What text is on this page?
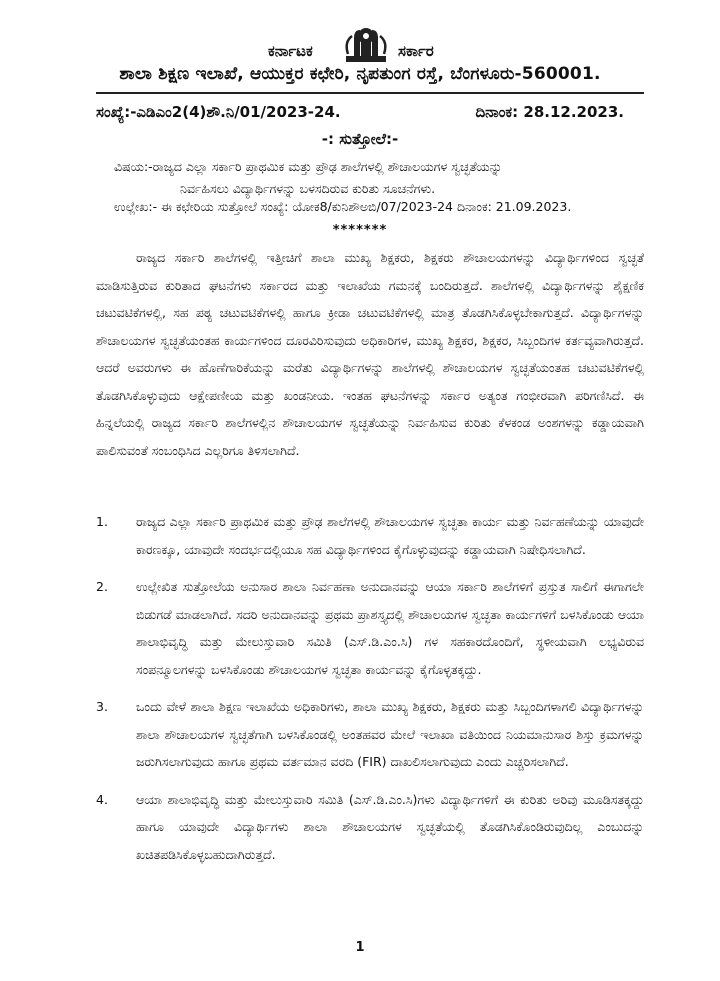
ಕರ್ನಾಟಕ	ಸರ್ಕಾರ
ಶಾಲಾ ಶಿಕ್ಷಣ ಇಲಾಖೆ, ಆಯುಕ್ತರ ಕಛೇರಿ, ನೃಪತುಂಗ ರಸ್ತೆ, ಬೆಂಗಳೂರು-560001.
ಸಂಖ್ಯೆ:-ಎಡಿಎಂ2(4)ಶೌ.ನಿ/01/2023-24.	ದಿನಾಂಕ: 28.12.2023.
-: ಸುತ್ತೋಲೆ:-
ವಿಷಯ:-ರಾಜ್ಯದ ಎಲ್ಲಾ ಸರ್ಕಾರಿ ಪ್ರಾಥಮಿಕ ಮತ್ತು ಪ್ರೌಢ ಶಾಲೆಗಳಲ್ಲಿ ಶೌಚಾಲಯಗಳ ಸ್ವಚ್ಛತೆಯನ್ನು
ನಿರ್ವಹಿಸಲು ವಿದ್ಯಾರ್ಥಿಗಳನ್ನು ಬಳಸದಿರುವ ಕುರಿತು ಸೂಚನೆಗಳು.
ಉಲ್ಲೇಖ:- ಈ ಕಛೇರಿಯ ಸುತ್ತೋಲೆ ಸಂಖ್ಯೆ: ಯೋಕ8/ಕುನಿಶೌಅಬಿ/07/2023-24 ದಿನಾಂಕ: 21.09.2023.
*******
ರಾಜ್ಯದ ಸರ್ಕಾರಿ ಶಾಲೆಗಳಲ್ಲಿ ಇತ್ತೀಚಿಗೆ ಶಾಲಾ ಮುಖ್ಯ ಶಿಕ್ಷಕರು, ಶಿಕ್ಷಕರು ಶೌಚಾಲಯಗಳನ್ನು ವಿದ್ಯಾರ್ಥಿಗಳಿಂದ ಸ್ವಚ್ಛತೆ ಮಾಡಿಸುತ್ತಿರುವ ಕುರಿತಾದ ಘಟನೆಗಳು ಸರ್ಕಾರದ ಮತ್ತು ಇಲಾಖೆಯ ಗಮನಕ್ಕೆ ಬಂದಿರುತ್ತದೆ. ಶಾಲೆಗಳಲ್ಲಿ ವಿದ್ಯಾರ್ಥಿಗಳನ್ನು ಶೈಕ್ಷಣಿಕ ಚಟುವಟಿಕೆಗಳಲ್ಲಿ, ಸಹ ಪಠ್ಯ ಚಟುವಟಿಕೆಗಳಲ್ಲಿ ಹಾಗೂ ಕ್ರೀಡಾ ಚಟುವಟಿಕೆಗಳಲ್ಲಿ ಮಾತ್ರ ತೊಡಗಿಸಿಕೊಳ್ಳಬೇಕಾಗುತ್ತದೆ. ವಿದ್ಯಾರ್ಥಿಗಳನ್ನು ಶೌಚಾಲಯಗಳ ಸ್ವಚ್ಛತೆಯಂತಹ ಕಾರ್ಯಗಳಿಂದ ದೂರವಿರಿಸುವುದು ಅಧಿಕಾರಿಗಳ, ಮುಖ್ಯ ಶಿಕ್ಷಕರ, ಶಿಕ್ಷಕರ, ಸಿಬ್ಬಂದಿಗಳ ಕರ್ತವ್ಯವಾಗಿರುತ್ತದೆ. ಆದರೆ ಅವರುಗಳು ಈ ಹೊಣೆಗಾರಿಕೆಯನ್ನು ಮರೆತು ವಿದ್ಯಾರ್ಥಿಗಳನ್ನು ಶಾಲೆಗಳಲ್ಲಿ ಶೌಚಾಲಯಗಳ ಸ್ವಚ್ಛತೆಯಂತಹ ಚಟುವಟಿಕೆಗಳಲ್ಲಿ ತೊಡಗಿಸಿಕೊಳ್ಳುವುದು ಆಕ್ಷೇಪಣೀಯ ಮತ್ತು ಖಂಡನೀಯ. ಇಂತಹ ಘಟನೆಗಳನ್ನು ಸರ್ಕಾರ ಅತ್ಯಂತ ಗಂಭೀರವಾಗಿ ಪರಿಗಣಿಸಿದೆ. ಈ ಹಿನ್ನಲೆಯಲ್ಲಿ ರಾಜ್ಯದ ಸರ್ಕಾರಿ ಶಾಲೆಗಳಲ್ಲಿನ ಶೌಚಾಲಯಗಳ ಸ್ವಚ್ಛತೆಯನ್ನು ನಿರ್ವಹಿಸುವ ಕುರಿತು ಕೆಳಕಂಡ ಅಂಶಗಳನ್ನು ಕಡ್ಡಾಯವಾಗಿ ಪಾಲಿಸುವಂತೆ ಸಂಬಂಧಿಸಿದ ಎಲ್ಲರಿಗೂ ತಿಳಿಸಲಾಗಿದೆ.
1. ರಾಜ್ಯದ ಎಲ್ಲಾ ಸರ್ಕಾರಿ ಪ್ರಾಥಮಿಕ ಮತ್ತು ಪ್ರೌಢ ಶಾಲೆಗಳಲ್ಲಿ ಶೌಚಾಲಯಗಳ ಸ್ವಚ್ಛತಾ ಕಾರ್ಯ ಮತ್ತು ನಿರ್ವಹಣೆಯನ್ನು ಯಾವುದೇ ಕಾರಣಕ್ಕೂ, ಯಾವುದೇ ಸಂದರ್ಭದಲ್ಲಿಯೂ ಸಹ ವಿದ್ಯಾರ್ಥಿಗಳಿಂದ ಕೈಗೊಳ್ಳುವುದನ್ನು ಕಡ್ಡಾಯವಾಗಿ ನಿಷೇಧಿಸಲಾಗಿದೆ.
2. ಉಲ್ಲೇಖಿತ ಸುತ್ತೋಲೆಯ ಅನುಸಾರ ಶಾಲಾ ನಿರ್ವಹಣಾ ಅನುದಾನವನ್ನು ಆಯಾ ಸರ್ಕಾರಿ ಶಾಲೆಗಳಿಗೆ ಪ್ರಸ್ತುತ ಸಾಲಿಗೆ ಈಗಾಗಲೇ ಬಿಡುಗಡೆ ಮಾಡಲಾಗಿದೆ. ಸದರಿ ಅನುದಾನವನ್ನು ಪ್ರಥಮ ಪ್ರಾಶಸ್ತ್ಯದಲ್ಲಿ ಶೌಚಾಲಯಗಳ ಸ್ವಚ್ಛತಾ ಕಾರ್ಯಗಳಿಗೆ ಬಳಸಿಕೊಂಡು ಆಯಾ ಶಾಲಾಭಿವೃದ್ಧಿ ಮತ್ತು ಮೇಲುಸ್ತುವಾರಿ ಸಮಿತಿ (ಎಸ್.ಡಿ.ಎಂ.ಸಿ) ಗಳ ಸಹಕಾರದೊಂದಿಗೆ, ಸ್ಥಳೀಯವಾಗಿ ಲಭ್ಯವಿರುವ ಸಂಪನ್ಮೂಲಗಳನ್ನು ಬಳಸಿಕೊಂಡು ಶೌಚಾಲಯಗಳ ಸ್ವಚ್ಛತಾ ಕಾರ್ಯವನ್ನು ಕೈಗೊಳ್ಳತಕ್ಕದ್ದು.
3. ಒಂದು ವೇಳೆ ಶಾಲಾ ಶಿಕ್ಷಣ ಇಲಾಖೆಯ ಅಧಿಕಾರಿಗಳು, ಶಾಲಾ ಮುಖ್ಯ ಶಿಕ್ಷಕರು, ಶಿಕ್ಷಕರು ಮತ್ತು ಸಿಬ್ಬಂದಿಗಳಾಗಲಿ ವಿದ್ಯಾರ್ಥಿಗಳನ್ನು ಶಾಲಾ ಶೌಚಾಲಯಗಳ ಸ್ವಚ್ಛತೆಗಾಗಿ ಬಳಸಿಕೊಂಡಲ್ಲಿ ಅಂತಹವರ ಮೇಲೆ ಇಲಾಖಾ ವತಿಯಿಂದ ನಿಯಮಾನುಸಾರ ಶಿಸ್ತು ಕ್ರಮಗಳನ್ನು ಜರುಗಿಸಲಾಗುವುದು ಹಾಗೂ ಪ್ರಥಮ ವರ್ತಮಾನ ವರದಿ (FIR) ದಾಖಲಿಸಲಾಗುವುದು ಎಂದು ಎಚ್ಚರಿಸಲಾಗಿದೆ.
4. ಆಯಾ ಶಾಲಾಭಿವೃದ್ಧಿ ಮತ್ತು ಮೇಲುಸ್ತುವಾರಿ ಸಮಿತಿ (ಎಸ್.ಡಿ.ಎಂ.ಸಿ)ಗಳು ವಿದ್ಯಾರ್ಥಿಗಳಿಗೆ ಈ ಕುರಿತು ಅರಿವು ಮೂಡಿಸತಕ್ಕದ್ದು ಹಾಗೂ ಯಾವುದೇ ವಿದ್ಯಾರ್ಥಿಗಳು ಶಾಲಾ ಶೌಚಾಲಯಗಳ ಸ್ವಚ್ಛತೆಯಲ್ಲಿ ತೊಡಗಿಸಿಕೊಂಡಿರುವುದಿಲ್ಲ ಎಂಬುದನ್ನು ಖಚಿತಪಡಿಸಿಕೊಳ್ಳಬಹುದಾಗಿರುತ್ತದೆ.
1
